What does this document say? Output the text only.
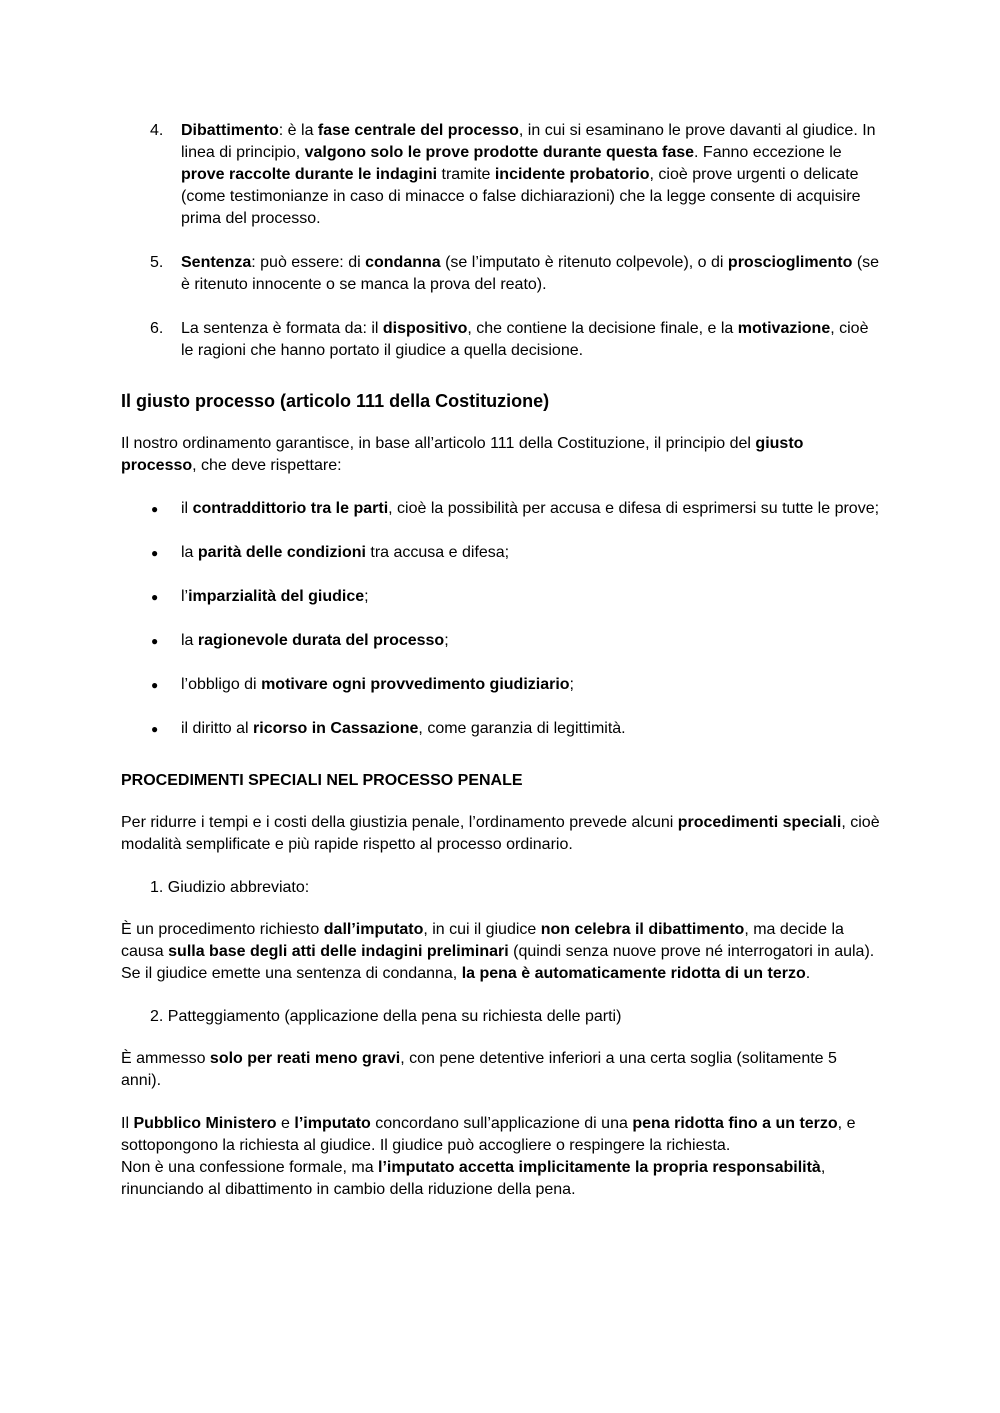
4. Dibattimento: è la fase centrale del processo, in cui si esaminano le prove davanti al giudice. In linea di principio, valgono solo le prove prodotte durante questa fase. Fanno eccezione le prove raccolte durante le indagini tramite incidente probatorio, cioè prove urgenti o delicate (come testimonianze in caso di minacce o false dichiarazioni) che la legge consente di acquisire prima del processo.

5. Sentenza: può essere: di condanna (se l’imputato è ritenuto colpevole), o di proscioglimento (se è ritenuto innocente o se manca la prova del reato).

6. La sentenza è formata da: il dispositivo, che contiene la decisione finale, e la motivazione, cioè le ragioni che hanno portato il giudice a quella decisione.

Il giusto processo (articolo 111 della Costituzione)

Il nostro ordinamento garantisce, in base all’articolo 111 della Costituzione, il principio del giusto processo, che deve rispettare:

● il contraddittorio tra le parti, cioè la possibilità per accusa e difesa di esprimersi su tutte le prove;

● la parità delle condizioni tra accusa e difesa;

● l’imparzialità del giudice;

● la ragionevole durata del processo;

● l’obbligo di motivare ogni provvedimento giudiziario;

● il diritto al ricorso in Cassazione, come garanzia di legittimità.

PROCEDIMENTI SPECIALI NEL PROCESSO PENALE

Per ridurre i tempi e i costi della giustizia penale, l’ordinamento prevede alcuni procedimenti speciali, cioè modalità semplificate e più rapide rispetto al processo ordinario.

1. Giudizio abbreviato:

È un procedimento richiesto dall’imputato, in cui il giudice non celebra il dibattimento, ma decide la causa sulla base degli atti delle indagini preliminari (quindi senza nuove prove né interrogatori in aula). Se il giudice emette una sentenza di condanna, la pena è automaticamente ridotta di un terzo.

2. Patteggiamento (applicazione della pena su richiesta delle parti)

È ammesso solo per reati meno gravi, con pene detentive inferiori a una certa soglia (solitamente 5 anni).

Il Pubblico Ministero e l’imputato concordano sull’applicazione di una pena ridotta fino a un terzo, e sottopongono la richiesta al giudice. Il giudice può accogliere o respingere la richiesta.

Non è una confessione formale, ma l’imputato accetta implicitamente la propria responsabilità, rinunciando al dibattimento in cambio della riduzione della pena.
